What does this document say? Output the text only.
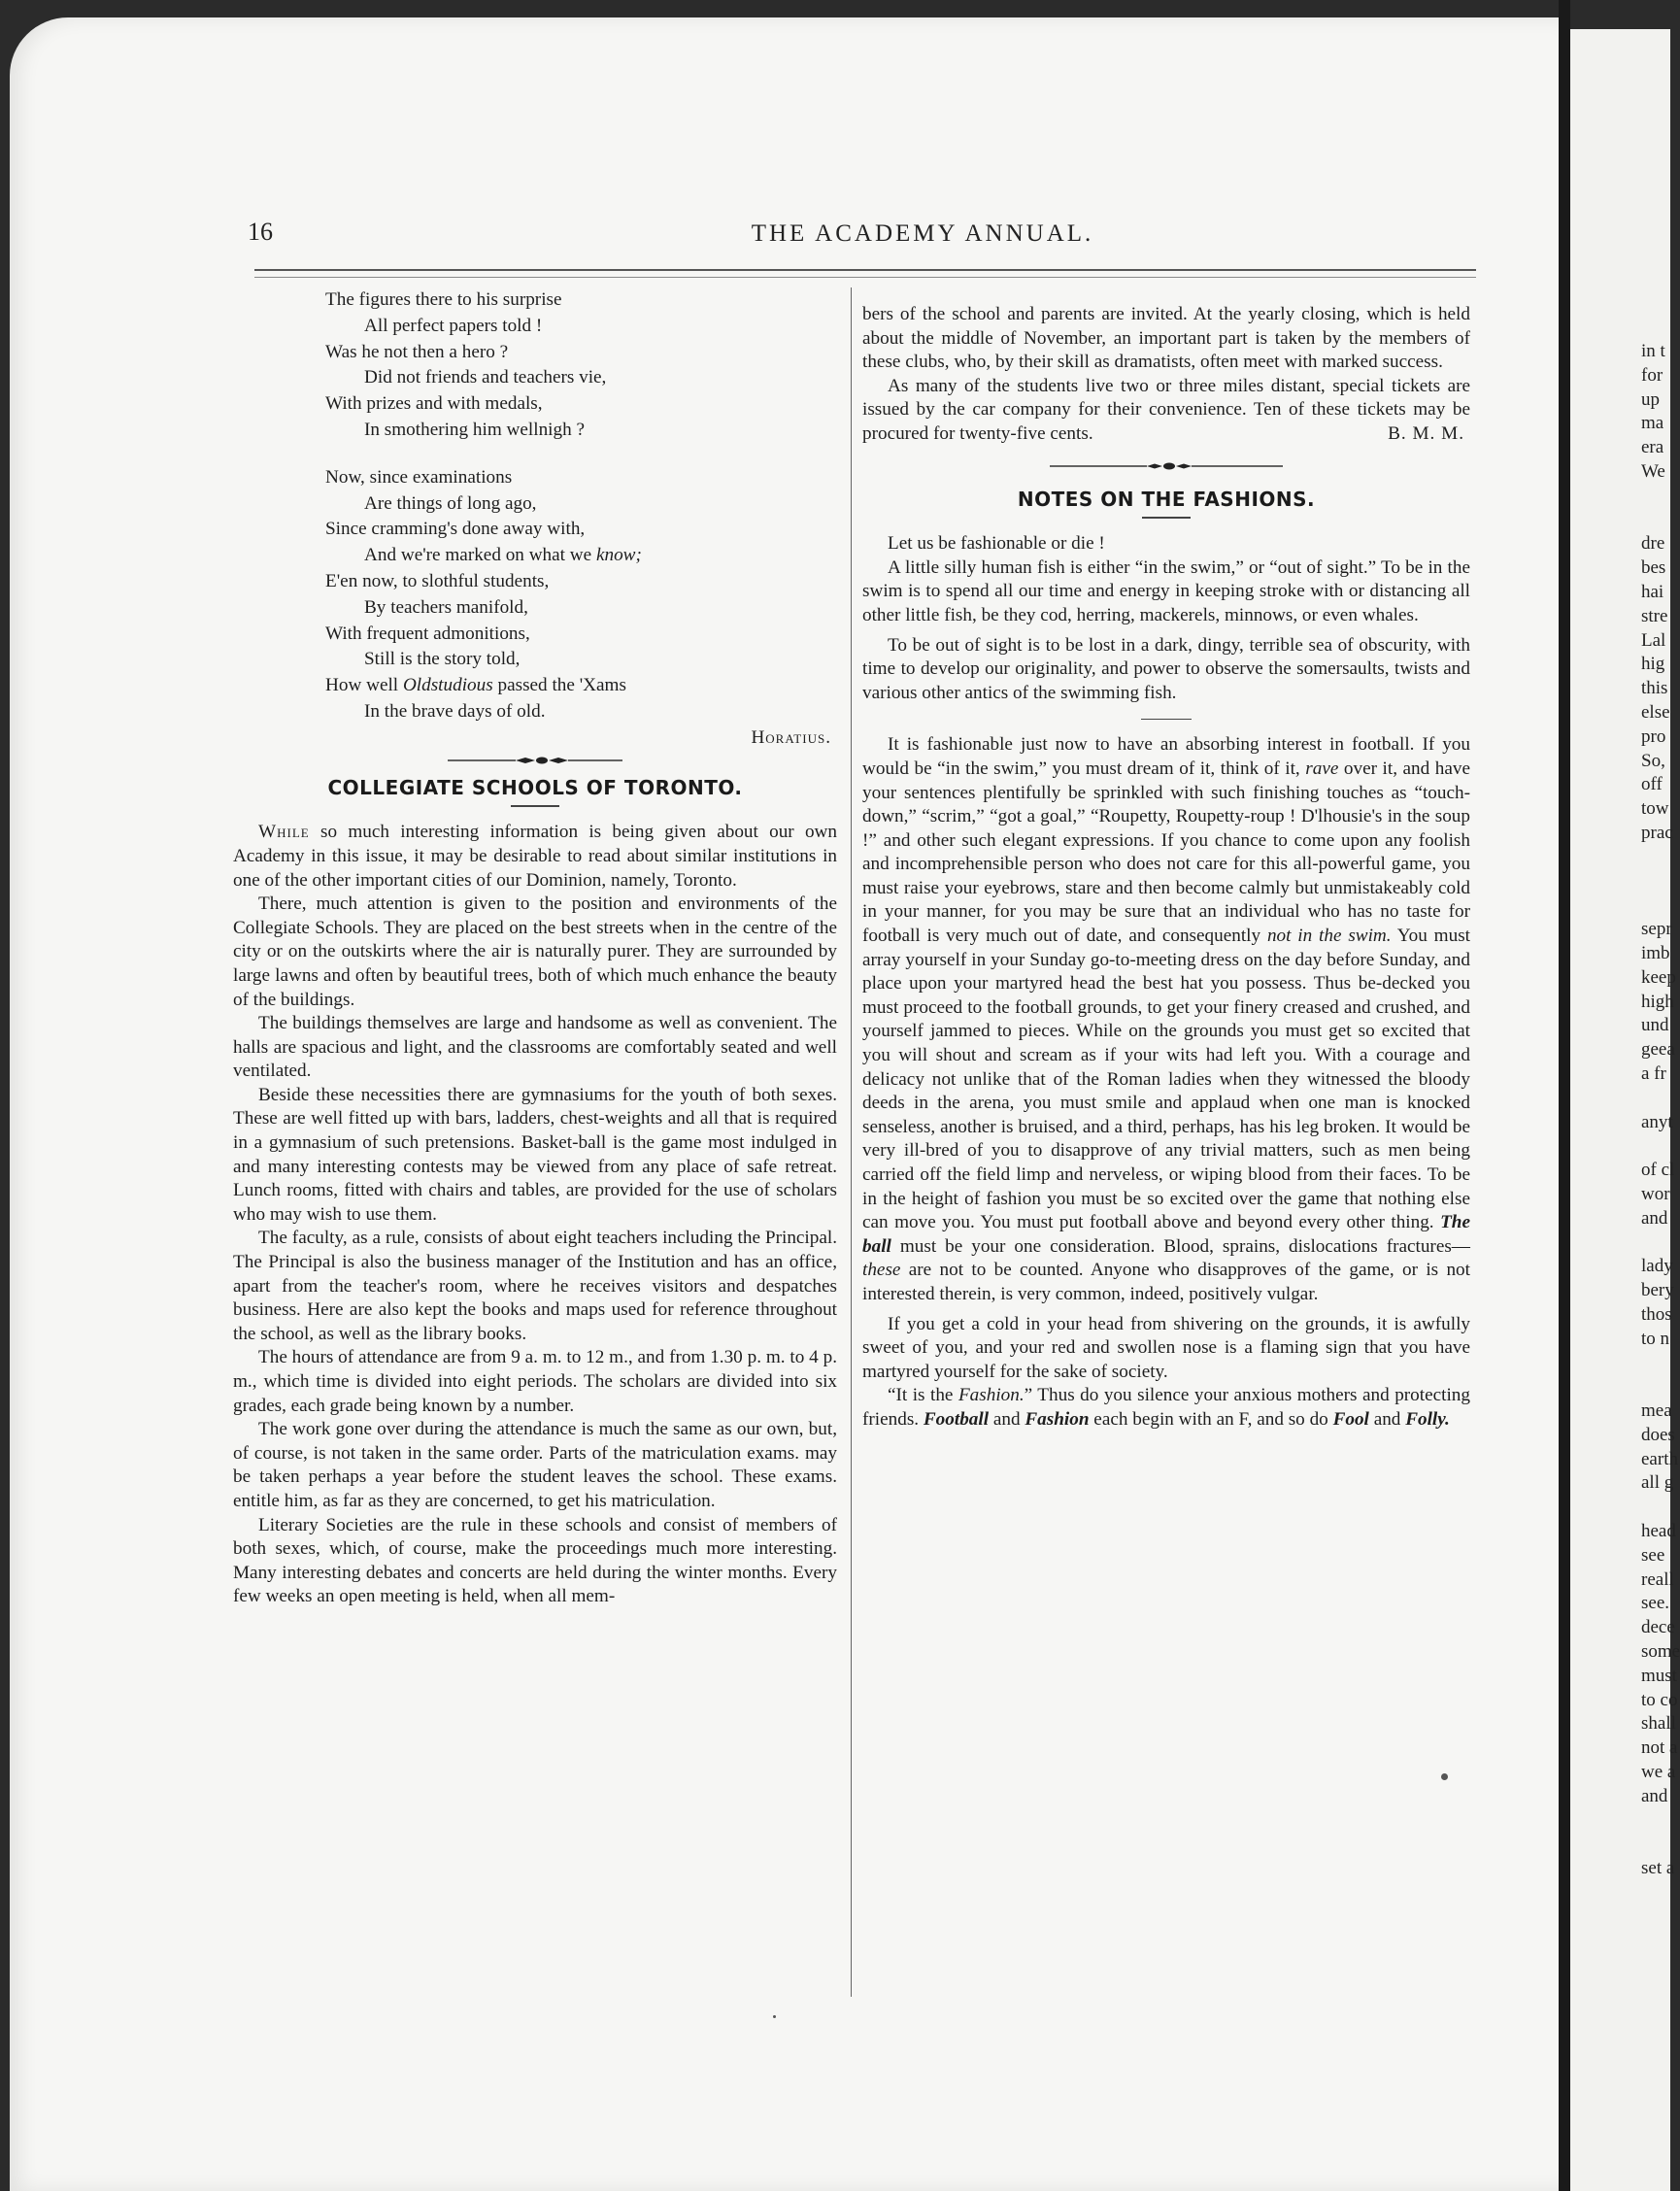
16	THE ACADEMY ANNUAL.
The figures there to his surprise
All perfect papers told !
Was he not then a hero ?
Did not friends and teachers vie,
With prizes and with medals,
In smothering him wellnigh ?
Now, since examinations
Are things of long ago,
Since cramming's done away with,
And we're marked on what we know;
E'en now, to slothful students,
By teachers manifold,
With frequent admonitions,
Still is the story told,
How well Oldstudious passed the 'Xams
In the brave days of old.
Horatius.
COLLEGIATE SCHOOLS OF TORONTO.

While so much interesting information is being given about our own Academy in this issue, it may be desirable to read about similar institutions in one of the other important cities of our Dominion, namely, Toronto.

There, much attention is given to the position and environments of the Collegiate Schools. They are placed on the best streets when in the centre of the city or on the outskirts where the air is naturally purer. They are surrounded by large lawns and often by beautiful trees, both of which much enhance the beauty of the buildings.

The buildings themselves are large and handsome as well as convenient. The halls are spacious and light, and the classrooms are comfortably seated and well ventilated.

Beside these necessities there are gymnasiums for the youth of both sexes. These are well fitted up with bars, ladders, chest-weights and all that is required in a gymnasium of such pretensions. Basket-ball is the game most indulged in and many interesting contests may be viewed from any place of safe retreat. Lunch rooms, fitted with chairs and tables, are provided for the use of scholars who may wish to use them.

The faculty, as a rule, consists of about eight teachers including the Principal. The Principal is also the business manager of the Institution and has an office, apart from the teacher's room, where he receives visitors and despatches business. Here are also kept the books and maps used for reference throughout the school, as well as the library books.

The hours of attendance are from 9 a. m. to 12 m., and from 1.30 p. m. to 4 p. m., which time is divided into eight periods. The scholars are divided into six grades, each grade being known by a number.

The work gone over during the attendance is much the same as our own, but, of course, is not taken in the same order. Parts of the matriculation exams. may be taken perhaps a year before the student leaves the school. These exams. entitle him, as far as they are concerned, to get his matriculation.

Literary Societies are the rule in these schools and consist of members of both sexes, which, of course, make the proceedings much more interesting. Many interesting debates and concerts are held during the winter months. Every few weeks an open meeting is held, when all mem-

bers of the school and parents are invited. At the yearly closing, which is held about the middle of November, an important part is taken by the members of these clubs, who, by their skill as dramatists, often meet with marked success.

As many of the students live two or three miles distant, special tickets are issued by the car company for their convenience. Ten of these tickets may be procured for twenty-five cents.	B. M. M.
NOTES ON THE FASHIONS.

Let us be fashionable or die !

A little silly human fish is either “in the swim,” or “out of sight.” To be in the swim is to spend all our time and energy in keeping stroke with or distancing all other little fish, be they cod, herring, mackerels, minnows, or even whales.

To be out of sight is to be lost in a dark, dingy, terrible sea of obscurity, with time to develop our originality, and power to observe the somersaults, twists and various other antics of the swimming fish.

It is fashionable just now to have an absorbing interest in football. If you would be “in the swim,” you must dream of it, think of it, rave over it, and have your sentences plentifully be sprinkled with such finishing touches as “touch-down,” “scrim,” “got a goal,” “Roupetty, Roupetty-roup ! D'lhousie's in the soup !” and other such elegant expressions. If you chance to come upon any foolish and incomprehensible person who does not care for this all-powerful game, you must raise your eyebrows, stare and then become calmly but unmistakeably cold in your manner, for you may be sure that an individual who has no taste for football is very much out of date, and consequently not in the swim. You must array yourself in your Sunday go-to-meeting dress on the day before Sunday, and place upon your martyred head the best hat you possess. Thus be-decked you must proceed to the football grounds, to get your finery creased and crushed, and yourself jammed to pieces. While on the grounds you must get so excited that you will shout and scream as if your wits had left you. With a courage and delicacy not unlike that of the Roman ladies when they witnessed the bloody deeds in the arena, you must smile and applaud when one man is knocked senseless, another is bruised, and a third, perhaps, has his leg broken. It would be very ill-bred of you to disapprove of any trivial matters, such as men being carried off the field limp and nerveless, or wiping blood from their faces. To be in the height of fashion you must be so excited over the game that nothing else can move you. You must put football above and beyond every other thing. The ball must be your one consideration. Blood, sprains, dislocations fractures—these are not to be counted. Anyone who disapproves of the game, or is not interested therein, is very common, indeed, positively vulgar.

If you get a cold in your head from shivering on the grounds, it is awfully sweet of you, and your red and swollen nose is a flaming sign that you have martyred yourself for the sake of society.

“It is the Fashion.” Thus do you silence your anxious mothers and protecting friends. Football and Fashion each begin with an F, and so do Fool and Folly.

in t
for
up
ma
era
We

dre
bes
hai
stre
Lal
hig
this
else
pro
So,
off
tow
prac

sepr
imb
keep
high
und
geea
a fr

anyt

of cl
wor
and

lady
bery
thos
to n

mea
does
earth
all g

head
see
reall
see.
dece
some
must
to co
shall
not a
we a
and

set a
